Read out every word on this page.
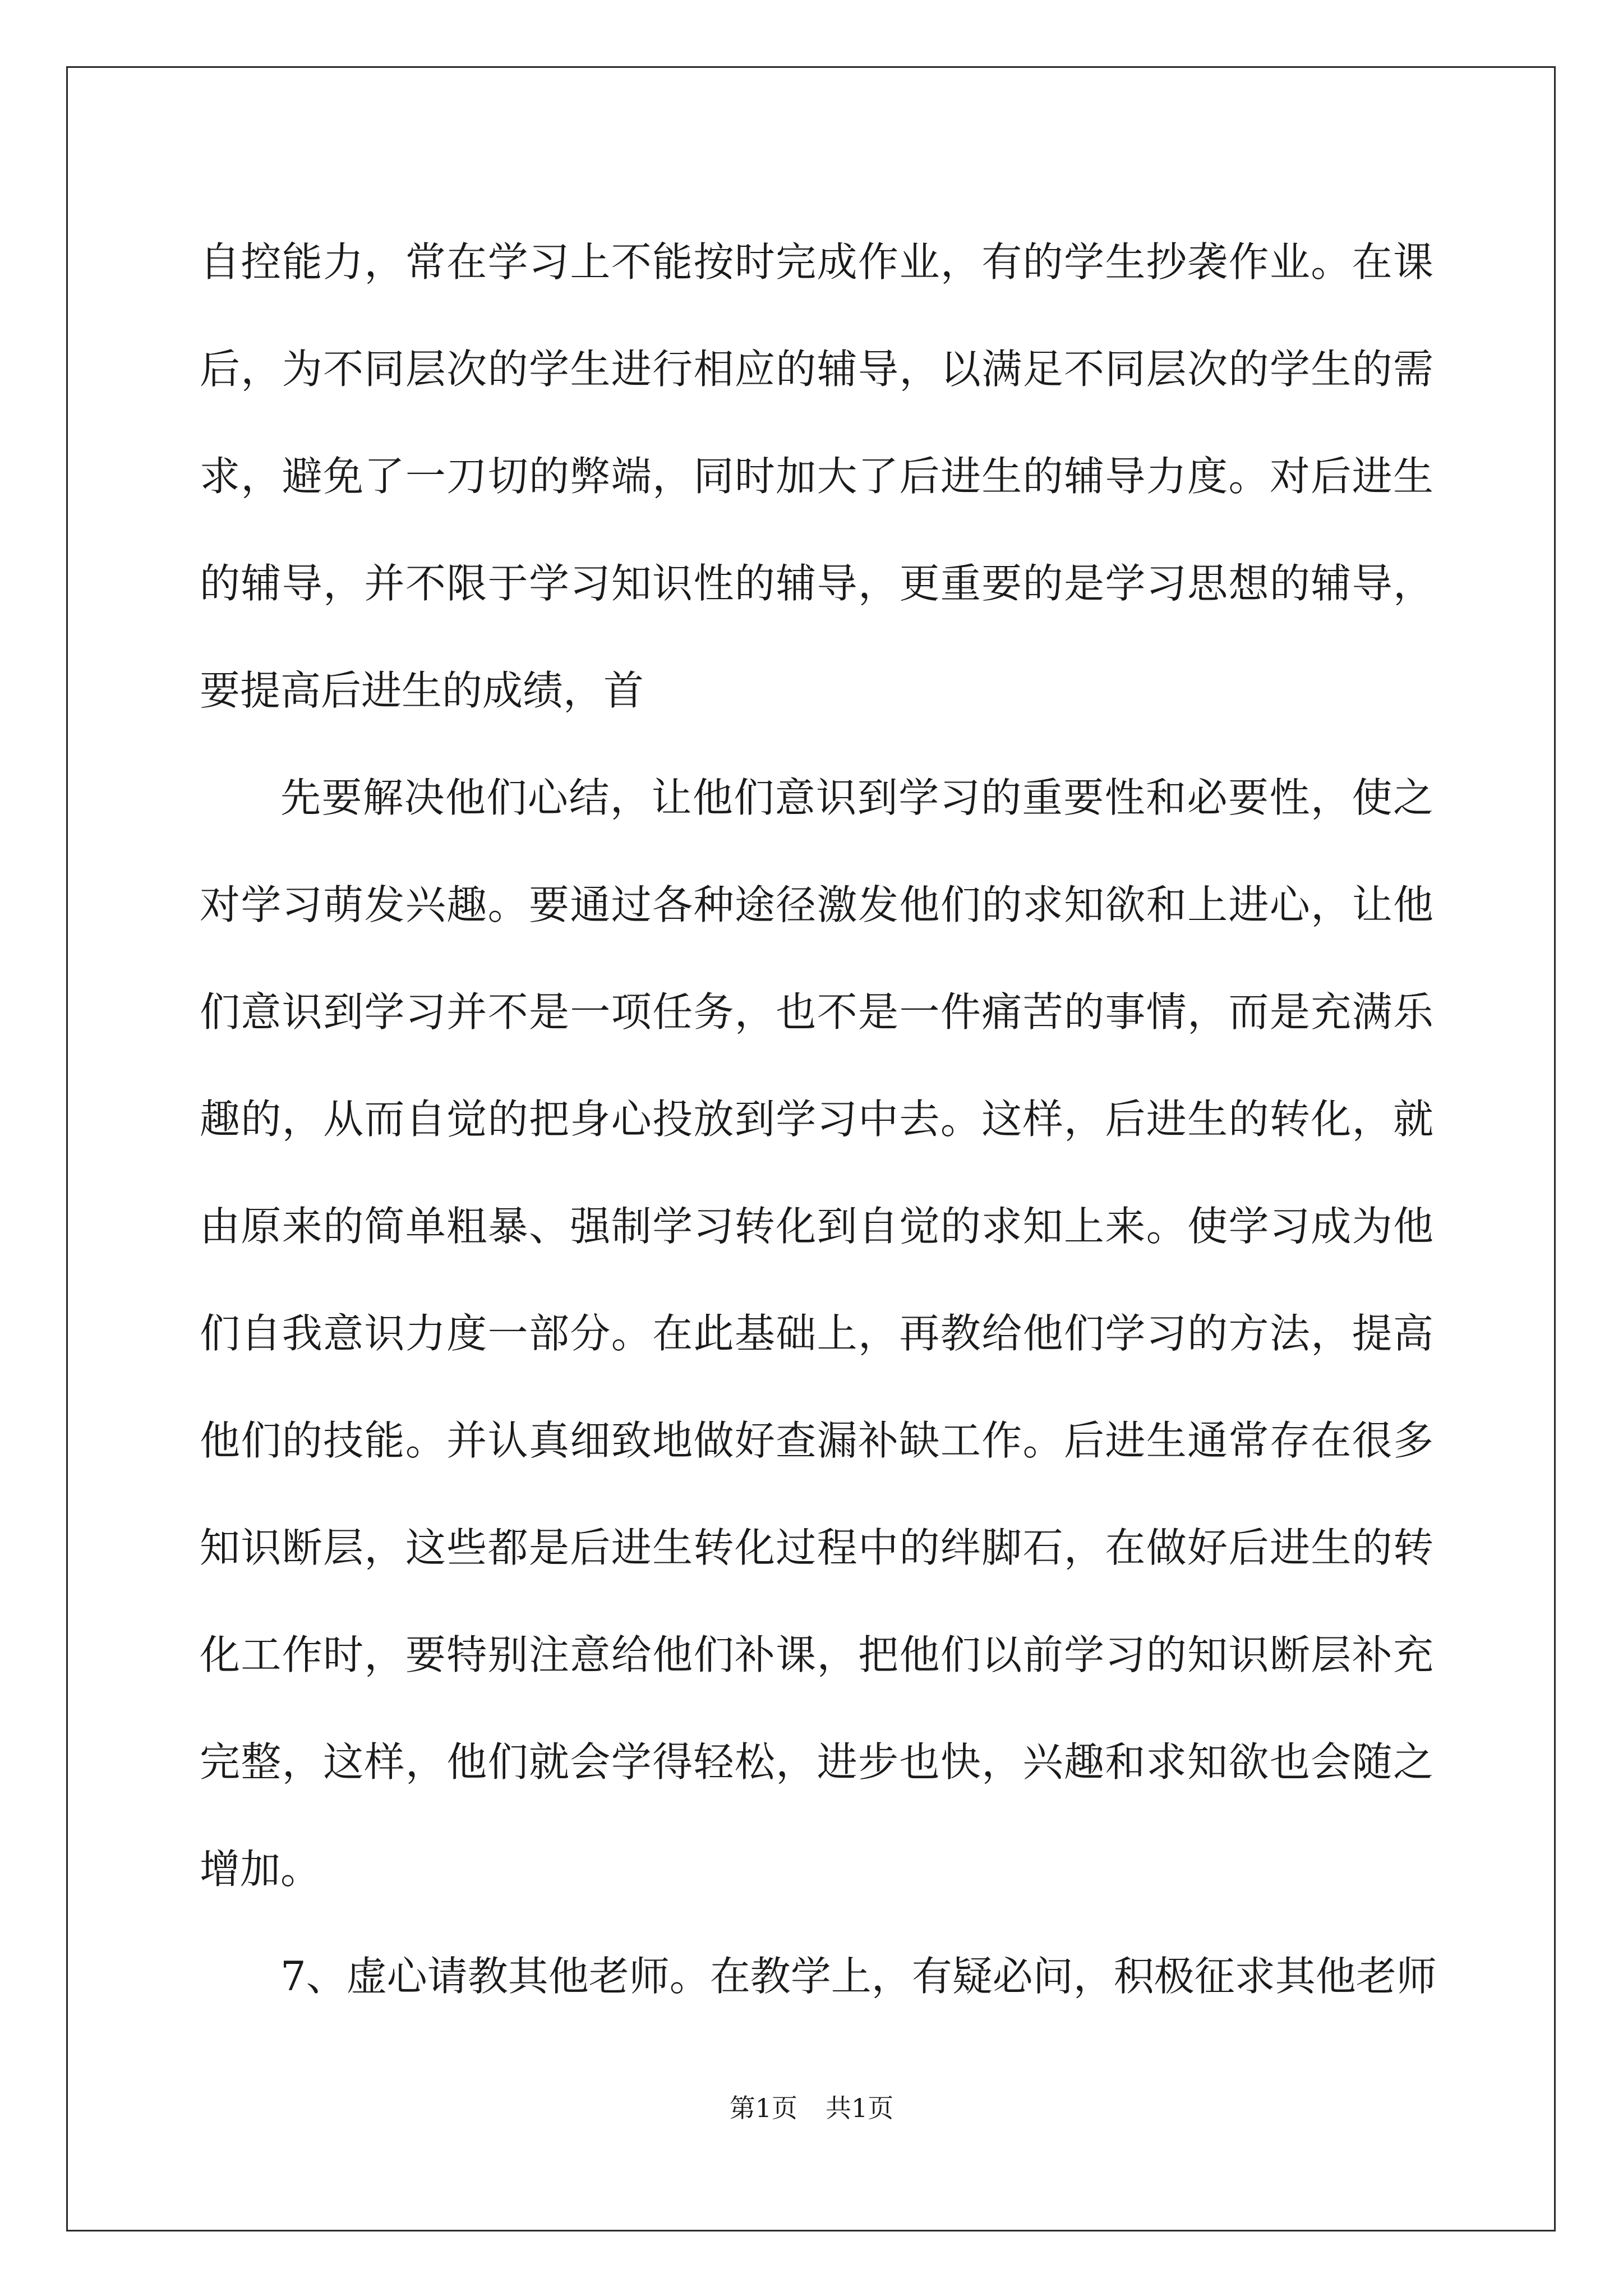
自控能力，常在学习上不能按时完成作业，有的学生抄袭作业。在课
后，为不同层次的学生进行相应的辅导，以满足不同层次的学生的需
求，避免了一刀切的弊端，同时加大了后进生的辅导力度。对后进生
的辅导，并不限于学习知识性的辅导，更重要的是学习思想的辅导，
要提高后进生的成绩，首
先要解决他们心结，让他们意识到学习的重要性和必要性，使之
对学习萌发兴趣。要通过各种途径激发他们的求知欲和上进心，让他
们意识到学习并不是一项任务，也不是一件痛苦的事情，而是充满乐
趣的，从而自觉的把身心投放到学习中去。这样，后进生的转化，就
由原来的简单粗暴、强制学习转化到自觉的求知上来。使学习成为他
们自我意识力度一部分。在此基础上，再教给他们学习的方法，提高
他们的技能。并认真细致地做好查漏补缺工作。后进生通常存在很多
知识断层，这些都是后进生转化过程中的绊脚石，在做好后进生的转
化工作时，要特别注意给他们补课，把他们以前学习的知识断层补充
完整，这样，他们就会学得轻松，进步也快，兴趣和求知欲也会随之
增加。
7、虚心请教其他老师。在教学上，有疑必问，积极征求其他老师
第1页 共1页
